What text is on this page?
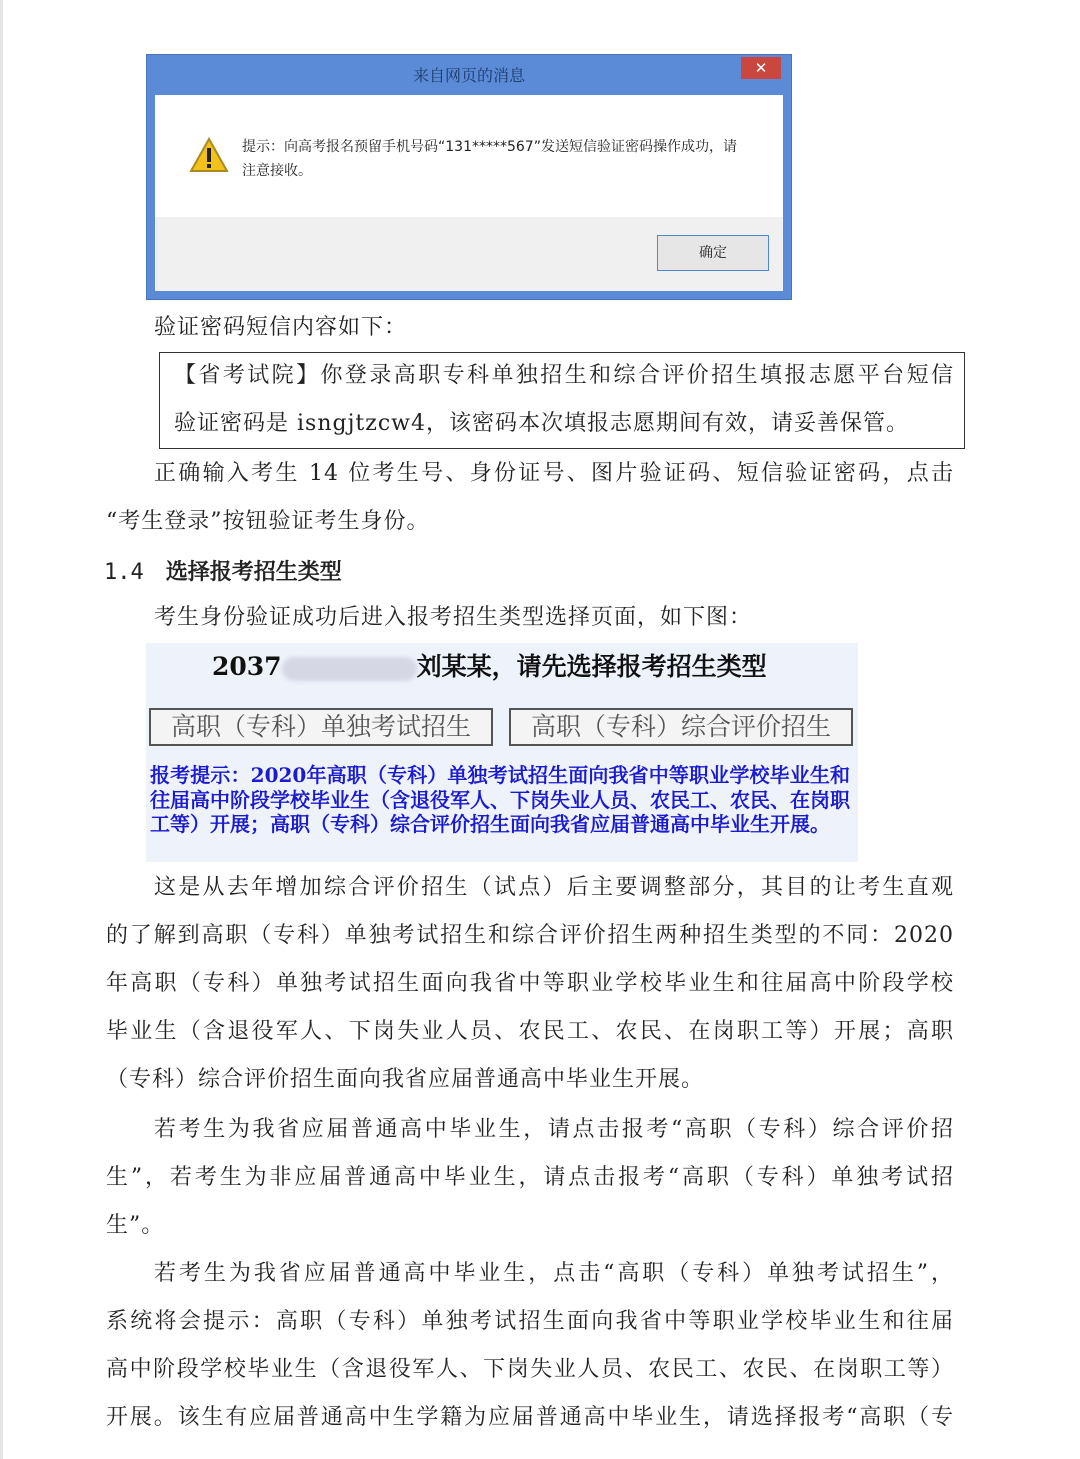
来自网页的消息	✕
提示：向高考报名预留手机号码“131*****567”发送短信验证密码操作成功，请注意接收。
确定
验证密码短信内容如下：
【省考试院】你登录高职专科单独招生和综合评价招生填报志愿平台短信
验证密码是 isngjtzcw4，该密码本次填报志愿期间有效，请妥善保管。
正确输入考生 14 位考生号、身份证号、图片验证码、短信验证密码，点击
“考生登录”按钮验证考生身份。
1.4 选择报考招生类型
考生身份验证成功后进入报考招生类型选择页面，如下图：
2037	刘某某，请先选择报考招生类型
高职（专科）单独考试招生	高职（专科）综合评价招生
报考提示：2020年高职（专科）单独考试招生面向我省中等职业学校毕业生和往届高中阶段学校毕业生（含退役军人、下岗失业人员、农民工、农民、在岗职工等）开展；高职（专科）综合评价招生面向我省应届普通高中毕业生开展。
这是从去年增加综合评价招生（试点）后主要调整部分，其目的让考生直观
的了解到高职（专科）单独考试招生和综合评价招生两种招生类型的不同：2020
年高职（专科）单独考试招生面向我省中等职业学校毕业生和往届高中阶段学校
毕业生（含退役军人、下岗失业人员、农民工、农民、在岗职工等）开展；高职
（专科）综合评价招生面向我省应届普通高中毕业生开展。
若考生为我省应届普通高中毕业生，请点击报考“高职（专科）综合评价招
生”，若考生为非应届普通高中毕业生，请点击报考“高职（专科）单独考试招
生”。
若考生为我省应届普通高中毕业生，点击“高职（专科）单独考试招生”，
系统将会提示：高职（专科）单独考试招生面向我省中等职业学校毕业生和往届
高中阶段学校毕业生（含退役军人、下岗失业人员、农民工、农民、在岗职工等）
开展。该生有应届普通高中生学籍为应届普通高中毕业生，请选择报考“高职（专
